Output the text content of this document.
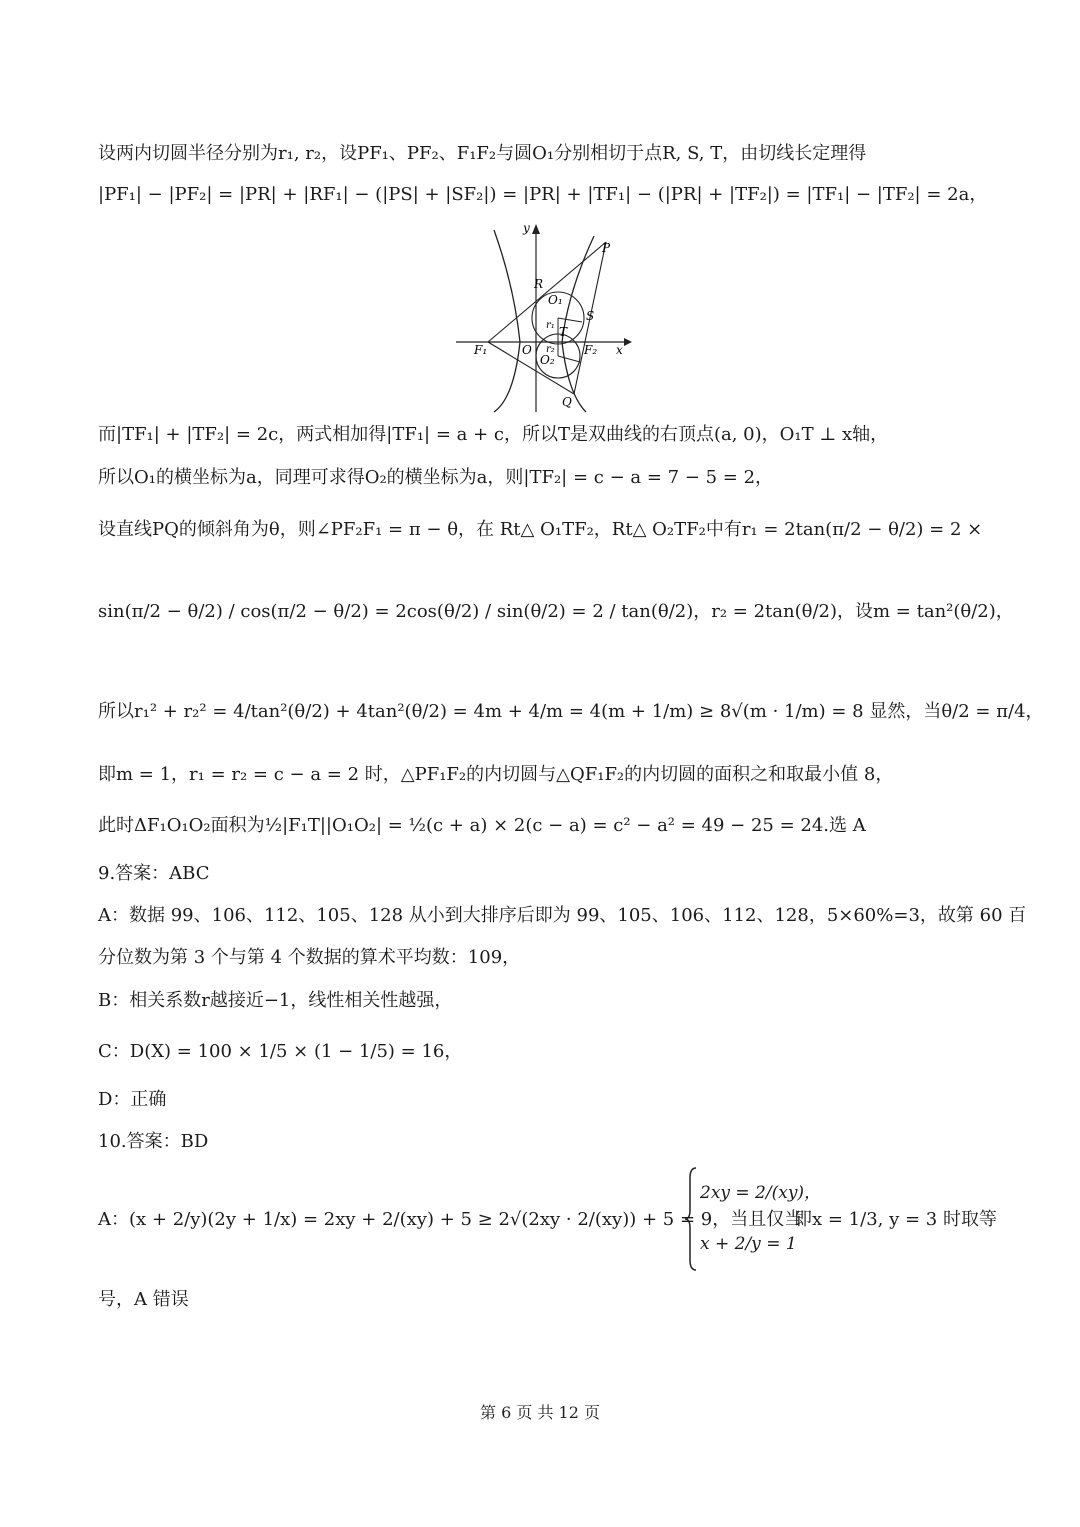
设两内切圆半径分别为r₁, r₂，设PF₁、PF₂、F₁F₂与圆O₁分别相切于点R, S, T，由切线长定理得
|PF₁| − |PF₂| = |PR| + |RF₁| − (|PS| + |SF₂|) = |PR| + |TF₁| − (|PR| + |TF₂|) = |TF₁| − |TF₂| = 2a，
y
x
P
R
O₁
S
r₁ T
F₁	O r₂ F₂
O₂
Q
而|TF₁| + |TF₂| = 2c，两式相加得|TF₁| = a + c，所以T是双曲线的右顶点(a, 0)，O₁T ⊥ x轴，
所以O₁的横坐标为a，同理可求得O₂的横坐标为a，则|TF₂| = c − a = 7 − 5 = 2，
设直线PQ的倾斜角为θ，则∠PF₂F₁ = π − θ，在 Rt△ O₁TF₂，Rt△ O₂TF₂中有r₁ = 2tan(π/2 − θ/2) = 2 ×
sin(π/2 − θ/2) / cos(π/2 − θ/2) = 2cos(θ/2) / sin(θ/2) = 2 / tan(θ/2)，r₂ = 2tan(θ/2)，设m = tan²(θ/2)，
所以r₁² + r₂² = 4/tan²(θ/2) + 4tan²(θ/2) = 4m + 4/m = 4(m + 1/m) ≥ 8√(m · 1/m) = 8 显然，当θ/2 = π/4，
即m = 1，r₁ = r₂ = c − a = 2 时，△PF₁F₂的内切圆与△QF₁F₂的内切圆的面积之和取最小值 8，
此时ΔF₁O₁O₂面积为½|F₁T||O₁O₂| = ½(c + a) × 2(c − a) = c² − a² = 49 − 25 = 24.选 A
9.答案：ABC
A：数据 99、106、112、105、128 从小到大排序后即为 99、105、106、112、128，5×60%=3，故第 60 百
分位数为第 3 个与第 4 个数据的算术平均数：109，
B：相关系数r越接近−1，线性相关性越强，
C：D(X) = 100 × 1/5 × (1 − 1/5) = 16，
D：正确
10.答案：BD
A：(x + 2/y)(2y + 1/x) = 2xy + 2/(xy) + 5 ≥ 2√(2xy · 2/(xy)) + 5 = 9，当且仅当
2xy = 2/(xy)，
x + 2/y = 1
即x = 1/3, y = 3 时取等
号，A 错误
第 6 页 共 12 页
